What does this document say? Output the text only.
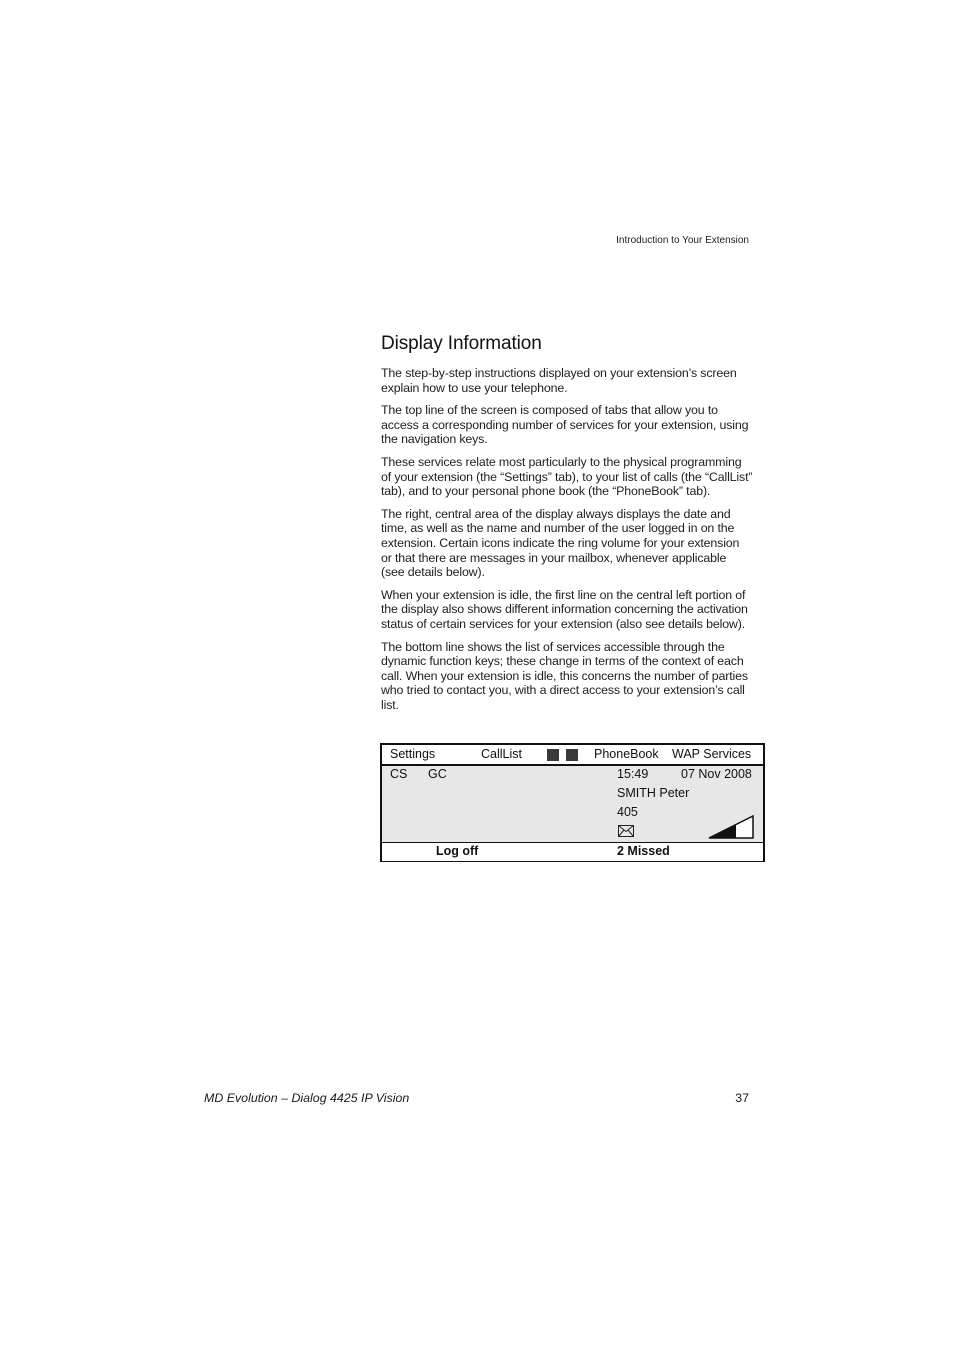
Introduction to Your Extension
Display Information

The step-by-step instructions displayed on your extension’s screen explain how to use your telephone.

The top line of the screen is composed of tabs that allow you to access a corresponding number of services for your extension, using the navigation keys.

These services relate most particularly to the physical programming of your extension (the “Settings” tab), to your list of calls (the “CallList” tab), and to your personal phone book (the “PhoneBook” tab).

The right, central area of the display always displays the date and time, as well as the name and number of the user logged in on the extension. Certain icons indicate the ring volume for your extension or that there are messages in your mailbox, whenever applicable (see details below).

When your extension is idle, the first line on the central left portion of the display also shows different information concerning the activation status of certain services for your extension (also see details below).

The bottom line shows the list of services accessible through the dynamic function keys; these change in terms of the context of each call. When your extension is idle, this concerns the number of parties who tried to contact you, with a direct access to your extension’s call list.

Settings	CallList	PhoneBook WAP Services
CS GC	15:49	07 Nov 2008
SMITH Peter
405
Log off	2 Missed
MD Evolution – Dialog 4425 IP Vision	37
